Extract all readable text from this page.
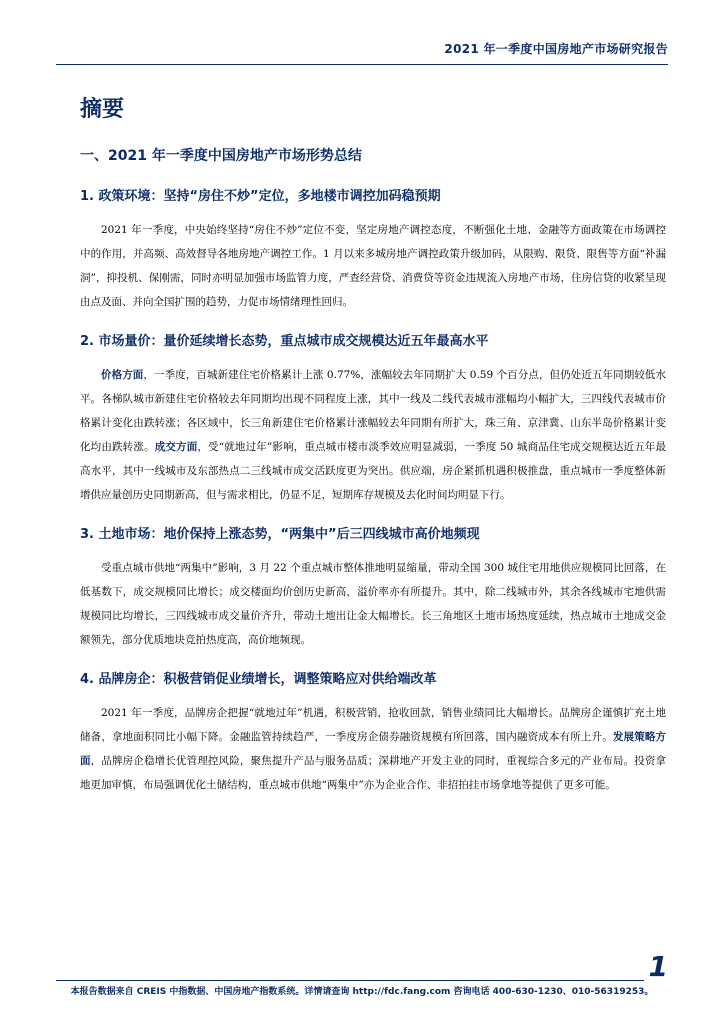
2021 年一季度中国房地产市场研究报告
摘要
一、2021 年一季度中国房地产市场形势总结
1. 政策环境：坚持“房住不炒”定位，多地楼市调控加码稳预期

2021 年一季度，中央始终坚持“房住不炒”定位不变，坚定房地产调控态度，不断强化土地、金融等方面政策在市场调控中的作用，并高频、高效督导各地房地产调控工作。1 月以来多城房地产调控政策升级加码，从限购、限贷、限售等方面“补漏洞”，抑投机、保刚需，同时亦明显加强市场监管力度，严查经营贷、消费贷等资金违规流入房地产市场，住房信贷的收紧呈现由点及面、并向全国扩围的趋势，力促市场情绪理性回归。

2. 市场量价：量价延续增长态势，重点城市成交规模达近五年最高水平

价格方面，一季度，百城新建住宅价格累计上涨 0.77%，涨幅较去年同期扩大 0.59 个百分点，但仍处近五年同期较低水平。各梯队城市新建住宅价格较去年同期均出现不同程度上涨，其中一线及二线代表城市涨幅均小幅扩大，三四线代表城市价格累计变化由跌转涨；各区域中，长三角新建住宅价格累计涨幅较去年同期有所扩大，珠三角、京津冀、山东半岛价格累计变化均由跌转涨。成交方面，受“就地过年”影响，重点城市楼市淡季效应明显减弱，一季度 50 城商品住宅成交规模达近五年最高水平，其中一线城市及东部热点二三线城市成交活跃度更为突出。供应端，房企紧抓机遇积极推盘，重点城市一季度整体新增供应量创历史同期新高，但与需求相比，仍显不足，短期库存规模及去化时间均明显下行。

3. 土地市场：地价保持上涨态势，“两集中”后三四线城市高价地频现

受重点城市供地“两集中”影响，3 月 22 个重点城市整体推地明显缩量，带动全国 300 城住宅用地供应规模同比回落，在低基数下，成交规模同比增长；成交楼面均价创历史新高，溢价率亦有所提升。其中，除二线城市外，其余各线城市宅地供需规模同比均增长，三四线城市成交量价齐升，带动土地出让金大幅增长。长三角地区土地市场热度延续，热点城市土地成交金额领先，部分优质地块竞拍热度高，高价地频现。

4. 品牌房企：积极营销促业绩增长，调整策略应对供给端改革

2021 年一季度，品牌房企把握“就地过年”机遇，积极营销，抢收回款，销售业绩同比大幅增长。品牌房企谨慎扩充土地储备，拿地面积同比小幅下降。金融监管持续趋严，一季度房企债券融资规模有所回落，国内融资成本有所上升。发展策略方面，品牌房企稳增长优管理控风险，聚焦提升产品与服务品质；深耕地产开发主业的同时，重视综合多元的产业布局。投资拿地更加审慎，布局强调优化土储结构，重点城市供地“两集中”亦为企业合作、非招拍挂市场拿地等提供了更多可能。

1
本报告数据来自 CREIS 中指数据、中国房地产指数系统。详情请查询 http://fdc.fang.com 咨询电话 400-630-1230、010-56319253。
